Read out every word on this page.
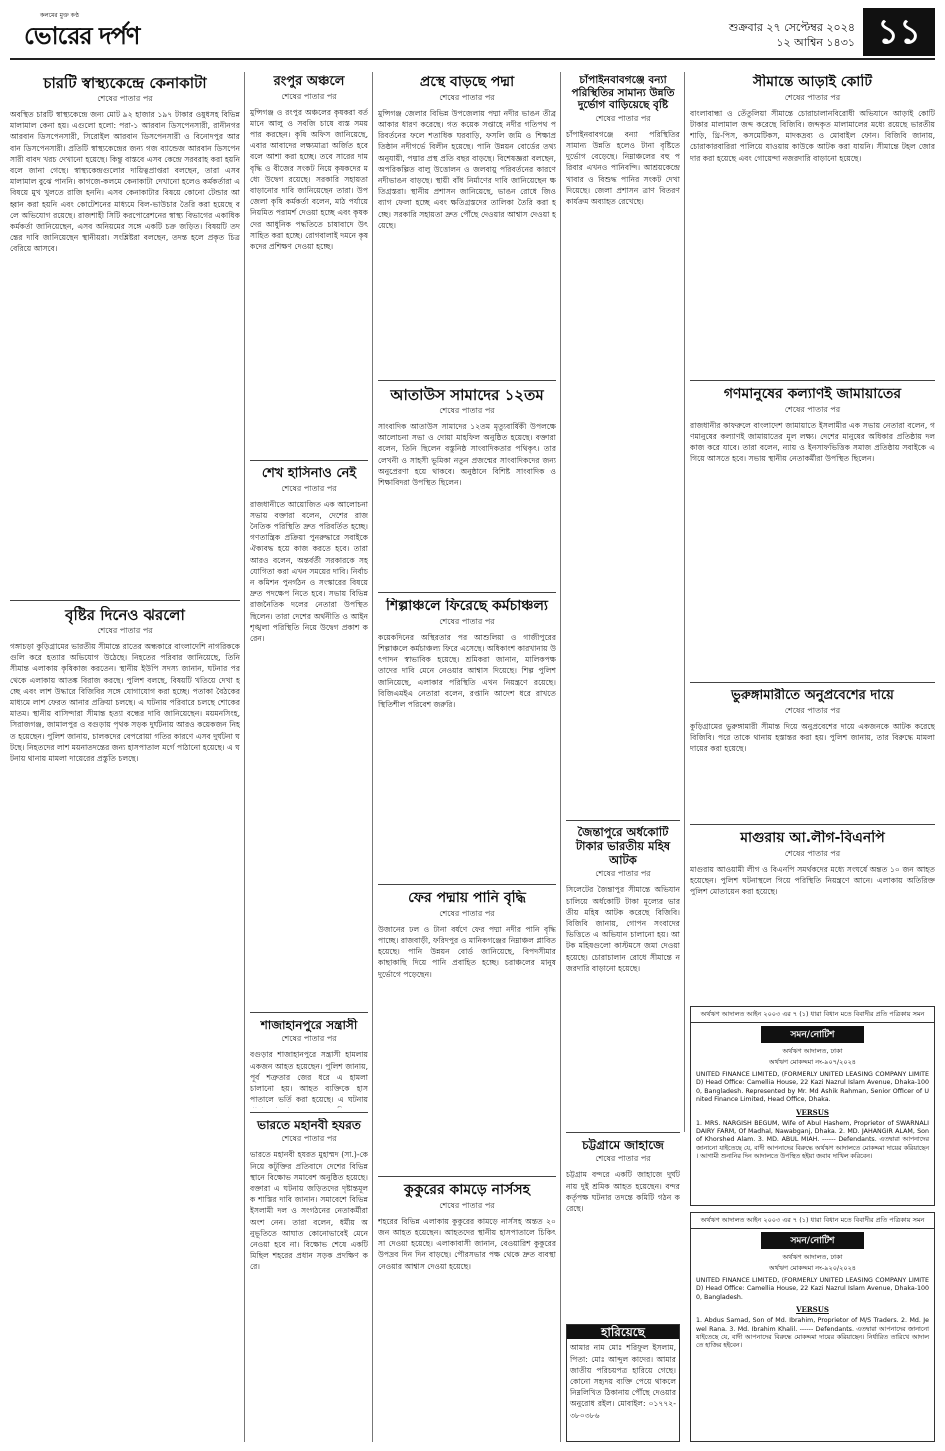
কলমের মুক্ত কণ্ঠ
ভোরের দর্পণ	শুক্রবার ২৭ সেপ্টেম্বর ২০২৪
১২ আশ্বিন ১৪৩১ ১১
চারটি স্বাস্থ্যকেন্দ্রে কেনাকাটা
শেষের পাতার পর
অবস্থিত চারটি স্বাস্থ্যকেন্দ্রে জন্য মোট ৯২ হাজার ১৯৭ টাকার ওষুধসহ বিভিন্ন মালামাল কেনা হয়। এগুলো হলো: পরা-১ আরবান ডিসপেনসারী, রানীনগর আরবান ডিসপেনসারী, সিরোইল আরবান ডিসপেনসারী ও বিনোদপুর আরবান ডিসপেনসারী। প্রতিটি স্বাস্থ্যকেন্দ্রের জন্য গজ ব্যান্ডেজ আরবান ডিসপেনসারী বাবদ খরচ দেখানো হয়েছে। কিন্তু বাস্তবে এসব কেন্দ্রে সরবরাহ করা হয়নি বলে জানা গেছে। স্বাস্থ্যকেন্দ্রগুলোর দায়িত্বপ্রাপ্তরা বলছেন, তারা এসব মালামাল বুঝে পাননি। কাগজে-কলমে কেনাকাটা দেখানো হলেও কর্মকর্তারা এ বিষয়ে মুখ খুলতে রাজি হননি। এসব কেনাকাটার বিষয়ে কোনো টেন্ডার আহ্বান করা হয়নি এবং কোটেশনের মাধ্যমে বিল-ভাউচার তৈরি করা হয়েছে বলে অভিযোগ রয়েছে। রাজশাহী সিটি করপোরেশনের স্বাস্থ্য বিভাগের একাধিক কর্মকর্তা জানিয়েছেন, এসব অনিয়মের সঙ্গে একটি চক্র জড়িত। বিষয়টি তদন্তের দাবি জানিয়েছেন স্থানীয়রা। সংশ্লিষ্টরা বলছেন, তদন্ত হলে প্রকৃত চিত্র বেরিয়ে আসবে।
বৃষ্টির দিনেও ঝরলো
শেষের পাতার পর
গঙ্গাচড়া কুড়িগ্রামের ভারতীয় সীমান্তে রাতের অন্ধকারে বাংলাদেশি নাগরিককে গুলি করে হত্যার অভিযোগ উঠেছে। নিহতের পরিবার জানিয়েছে, তিনি সীমান্ত এলাকায় কৃষিকাজ করতেন। স্থানীয় ইউপি সদস্য জানান, ঘটনার পর থেকে এলাকায় আতঙ্ক বিরাজ করছে। পুলিশ বলছে, বিষয়টি খতিয়ে দেখা হচ্ছে এবং লাশ উদ্ধারে বিজিবির সঙ্গে যোগাযোগ করা হচ্ছে। পতাকা বৈঠকের মাধ্যমে লাশ ফেরত আনার প্রক্রিয়া চলছে। এ ঘটনায় পরিবারে চলছে শোকের মাতম। স্থানীয় বাসিন্দারা সীমান্ত হত্যা বন্ধের দাবি জানিয়েছেন। ময়মনসিংহ, সিরাজগঞ্জ, জামালপুর ও বগুড়ায় পৃথক সড়ক দুর্ঘটনায় আরও কয়েকজন নিহত হয়েছেন। পুলিশ জানায়, চালকদের বেপরোয়া গতির কারণে এসব দুর্ঘটনা ঘটছে। নিহতদের লাশ ময়নাতদন্তের জন্য হাসপাতাল মর্গে পাঠানো হয়েছে। এ ঘটনায় থানায় মামলা দায়েরের প্রস্তুতি চলছে।
রংপুর অঞ্চলে
শেষের পাতার পর
মুন্সিগঞ্জ ও রংপুর অঞ্চলের কৃষকরা বর্তমানে আলু ও সবজি চাষে ব্যস্ত সময় পার করছেন। কৃষি অফিস জানিয়েছে, এবার আবাদের লক্ষ্যমাত্রা অর্জিত হবে বলে আশা করা হচ্ছে। তবে সারের দাম বৃদ্ধি ও বীজের সংকট নিয়ে কৃষকদের মধ্যে উদ্বেগ রয়েছে। সরকারি সহায়তা বাড়ানোর দাবি জানিয়েছেন তারা। উপজেলা কৃষি কর্মকর্তা বলেন, মাঠ পর্যায়ে নিয়মিত পরামর্শ দেওয়া হচ্ছে এবং কৃষকদের আধুনিক পদ্ধতিতে চাষাবাদে উৎসাহিত করা হচ্ছে। রোগবালাই দমনে কৃষকদের প্রশিক্ষণ দেওয়া হচ্ছে।
শেখ হাসিনাও নেই
শেষের পাতার পর
রাজধানীতে আয়োজিত এক আলোচনা সভায় বক্তারা বলেন, দেশের রাজনৈতিক পরিস্থিতি দ্রুত পরিবর্তিত হচ্ছে। গণতান্ত্রিক প্রক্রিয়া পুনরুদ্ধারে সবাইকে ঐক্যবদ্ধ হয়ে কাজ করতে হবে। তারা আরও বলেন, অন্তর্বর্তী সরকারকে সহযোগিতা করা এখন সময়ের দাবি। নির্বাচন কমিশন পুনর্গঠন ও সংস্কারের বিষয়ে দ্রুত পদক্ষেপ নিতে হবে। সভায় বিভিন্ন রাজনৈতিক দলের নেতারা উপস্থিত ছিলেন। তারা দেশের অর্থনীতি ও আইনশৃঙ্খলা পরিস্থিতি নিয়ে উদ্বেগ প্রকাশ করেন।
শাজাহানপুরে সন্ত্রাসী
শেষের পাতার পর
বগুড়ার শাজাহানপুরে সন্ত্রাসী হামলায় একজন আহত হয়েছেন। পুলিশ জানায়, পূর্ব শত্রুতার জের ধরে এ হামলা চালানো হয়। আহত ব্যক্তিকে হাসপাতালে ভর্তি করা হয়েছে। এ ঘটনায়
ভারতে মহানবী হযরত
শেষের পাতার পর
ভারতে মহানবী হযরত মুহাম্মদ (সা.)-কে নিয়ে কটূক্তির প্রতিবাদে দেশের বিভিন্ন স্থানে বিক্ষোভ সমাবেশ অনুষ্ঠিত হয়েছে। বক্তারা এ ঘটনায় জড়িতদের দৃষ্টান্তমূলক শাস্তির দাবি জানান। সমাবেশে বিভিন্ন ইসলামী দল ও সংগঠনের নেতাকর্মীরা অংশ নেন। তারা বলেন, ধর্মীয় অনুভূতিতে আঘাত কোনোভাবেই মেনে নেওয়া হবে না। বিক্ষোভ শেষে একটি মিছিল শহরের প্রধান সড়ক প্রদক্ষিণ করে।
প্রস্থে বাড়ছে পদ্মা
শেষের পাতার পর
মুন্সিগঞ্জ জেলার বিভিন্ন উপজেলায় পদ্মা নদীর ভাঙন তীব্র আকার ধারণ করেছে। গত কয়েক সপ্তাহে নদীর গতিপথ পরিবর্তনের ফলে শতাধিক ঘরবাড়ি, ফসলি জমি ও শিক্ষাপ্রতিষ্ঠান নদীগর্ভে বিলীন হয়েছে। পানি উন্নয়ন বোর্ডের তথ্য অনুযায়ী, পদ্মার প্রস্থ প্রতি বছর বাড়ছে। বিশেষজ্ঞরা বলছেন, অপরিকল্পিত বালু উত্তোলন ও জলবায়ু পরিবর্তনের কারণে নদীভাঙন বাড়ছে। স্থায়ী বাঁধ নির্মাণের দাবি জানিয়েছেন ক্ষতিগ্রস্তরা। স্থানীয় প্রশাসন জানিয়েছে, ভাঙন রোধে জিও ব্যাগ ফেলা হচ্ছে এবং ক্ষতিগ্রস্তদের তালিকা তৈরি করা হচ্ছে। সরকারি সহায়তা দ্রুত পৌঁছে দেওয়ার আশ্বাস দেওয়া হয়েছে।
আতাউস সামাদের ১২তম
শেষের পাতার পর
সাংবাদিক আতাউস সামাদের ১২তম মৃত্যুবার্ষিকী উপলক্ষে আলোচনা সভা ও দোয়া মাহফিল অনুষ্ঠিত হয়েছে। বক্তারা বলেন, তিনি ছিলেন বস্তুনিষ্ঠ সাংবাদিকতার পথিকৃৎ। তার লেখনী ও সাহসী ভূমিকা নতুন প্রজন্মের সাংবাদিকদের জন্য অনুপ্রেরণা হয়ে থাকবে। অনুষ্ঠানে বিশিষ্ট সাংবাদিক ও শিক্ষাবিদরা উপস্থিত ছিলেন।
শিল্পাঞ্চলে ফিরেছে কর্মচাঞ্চল্য
শেষের পাতার পর
কয়েকদিনের অস্থিরতার পর আশুলিয়া ও গাজীপুরের শিল্পাঞ্চলে কর্মচাঞ্চল্য ফিরে এসেছে। অধিকাংশ কারখানায় উৎপাদন স্বাভাবিক হয়েছে। শ্রমিকরা জানান, মালিকপক্ষ তাদের দাবি মেনে নেওয়ার আশ্বাস দিয়েছে। শিল্প পুলিশ জানিয়েছে, এলাকার পরিস্থিতি এখন নিয়ন্ত্রণে রয়েছে। বিজিএমইএ নেতারা বলেন, রপ্তানি আদেশ ধরে রাখতে স্থিতিশীল পরিবেশ জরুরি।
ফের পদ্মায় পানি বৃদ্ধি
শেষের পাতার পর
উজানের ঢল ও টানা বর্ষণে ফের পদ্মা নদীর পানি বৃদ্ধি পাচ্ছে। রাজবাড়ী, ফরিদপুর ও মানিকগঞ্জের নিম্নাঞ্চল প্লাবিত হয়েছে। পানি উন্নয়ন বোর্ড জানিয়েছে, বিপদসীমার কাছাকাছি দিয়ে পানি প্রবাহিত হচ্ছে। চরাঞ্চলের মানুষ দুর্ভোগে পড়েছেন।
কুকুরের কামড়ে নার্সসহ
শেষের পাতার পর
শহরের বিভিন্ন এলাকায় কুকুরের কামড়ে নার্সসহ অন্তত ২০ জন আহত হয়েছেন। আহতদের স্থানীয় হাসপাতালে চিকিৎসা দেওয়া হয়েছে। এলাকাবাসী জানান, বেওয়ারিশ কুকুরের উপদ্রব দিন দিন বাড়ছে। পৌরসভার পক্ষ থেকে দ্রুত ব্যবস্থা নেওয়ার আশ্বাস দেওয়া হয়েছে।
চাঁপাইনবাবগঞ্জে বন্যা পরিস্থিতির সামান্য উন্নতি দুর্ভোগ বাড়িয়েছে বৃষ্টি
শেষের পাতার পর
চাঁপাইনবাবগঞ্জে বন্যা পরিস্থিতির সামান্য উন্নতি হলেও টানা বৃষ্টিতে দুর্ভোগ বেড়েছে। নিম্নাঞ্চলের বহু পরিবার এখনও পানিবন্দি। আশ্রয়কেন্দ্রে খাবার ও বিশুদ্ধ পানির সংকট দেখা দিয়েছে। জেলা প্রশাসন ত্রাণ বিতরণ কার্যক্রম অব্যাহত রেখেছে।
জৈন্তাপুরে অর্ধকোটি টাকার ভারতীয় মহিষ আটক
শেষের পাতার পর
সিলেটের জৈন্তাপুর সীমান্তে অভিযান চালিয়ে অর্ধকোটি টাকা মূল্যের ভারতীয় মহিষ আটক করেছে বিজিবি। বিজিবি জানায়, গোপন সংবাদের ভিত্তিতে এ অভিযান চালানো হয়। আটক মহিষগুলো কাস্টমসে জমা দেওয়া হয়েছে। চোরাচালান রোধে সীমান্তে নজরদারি বাড়ানো হয়েছে।
চট্টগ্রামে জাহাজে
শেষের পাতার পর
চট্টগ্রাম বন্দরে একটি জাহাজে দুর্ঘটনায় দুই শ্রমিক আহত হয়েছেন। বন্দর কর্তৃপক্ষ ঘটনার তদন্তে কমিটি গঠন করেছে।
হারিয়েছে
আমার নাম মোঃ শরিফুল ইসলাম, পিতা: মোঃ আব্দুল কাদের। আমার জাতীয় পরিচয়পত্র হারিয়ে গেছে। কোনো সহৃদয় ব্যক্তি পেয়ে থাকলে নিম্নলিখিত ঠিকানায় পৌঁছে দেওয়ার অনুরোধ রইল। মোবাইল: ০১৭৭২-৩৮০৩৮৬
সীমান্তে আড়াই কোটি
শেষের পাতার পর
বাংলাবান্ধা ও তেঁতুলিয়া সীমান্তে চোরাচালানবিরোধী অভিযানে আড়াই কোটি টাকার মালামাল জব্দ করেছে বিজিবি। জব্দকৃত মালামালের মধ্যে রয়েছে ভারতীয় শাড়ি, থ্রি-পিস, কসমেটিকস, মাদকদ্রব্য ও মোবাইল ফোন। বিজিবি জানায়, চোরাকারবারিরা পালিয়ে যাওয়ায় কাউকে আটক করা যায়নি। সীমান্তে টহল জোরদার করা হয়েছে এবং গোয়েন্দা নজরদারি বাড়ানো হয়েছে।
গণমানুষের কল্যাণই জামায়াতের
শেষের পাতার পর
রাজধানীর কাফরুলে বাংলাদেশ জামায়াতে ইসলামীর এক সভায় নেতারা বলেন, গণমানুষের কল্যাণই জামায়াতের মূল লক্ষ্য। দেশের মানুষের অধিকার প্রতিষ্ঠায় দল কাজ করে যাবে। তারা বলেন, ন্যায় ও ইনসাফভিত্তিক সমাজ প্রতিষ্ঠায় সবাইকে এগিয়ে আসতে হবে। সভায় স্থানীয় নেতাকর্মীরা উপস্থিত ছিলেন।
ভুরুঙ্গামারীতে অনুপ্রবেশের দায়ে
শেষের পাতার পর
কুড়িগ্রামের ভুরুঙ্গামারী সীমান্ত দিয়ে অনুপ্রবেশের দায়ে একজনকে আটক করেছে বিজিবি। পরে তাকে থানায় হস্তান্তর করা হয়। পুলিশ জানায়, তার বিরুদ্ধে মামলা দায়ের করা হয়েছে।
মাগুরায় আ.লীগ-বিএনপি
শেষের পাতার পর
মাগুরায় আওয়ামী লীগ ও বিএনপি সমর্থকদের মধ্যে সংঘর্ষে অন্তত ১০ জন আহত হয়েছেন। পুলিশ ঘটনাস্থলে গিয়ে পরিস্থিতি নিয়ন্ত্রণে আনে। এলাকায় অতিরিক্ত পুলিশ মোতায়েন করা হয়েছে।
অর্থঋণ আদালত আইন ২০০৩ এর ৭ (১) ধারা বিধান মতে বিবাদীর প্রতি পত্রিকায় সমন
সমন/নোটিশ
অর্থঋণ আদালত, ঢাকা
অর্থঋণ মোকদ্দমা নং-৯০৭/২০২৪
UNITED FINANCE LIMITED, (FORMERLY UNITED LEASING COMPANY LIMITED) Head Office: Camellia House, 22 Kazi Nazrul Islam Avenue, Dhaka-1000, Bangladesh. Represented by Mr. Md Ashik Rahman, Senior Officer of United Finance Limited, Head Office, Dhaka.
VERSUS
1. MRS. NARGISH BEGUM, Wife of Abul Hashem, Proprietor of SWARNALI DAIRY FARM, Of Madhal, Nawabganj, Dhaka. 2. MD. JAHANGIR ALAM, Son of Khorshed Alam. 3. MD. ABUL MIAH. ------ Defendants. এতদ্বারা আপনাদের জানানো যাইতেছে যে, বাদী আপনাদের বিরুদ্ধে অর্থঋণ আদালতে মোকদ্দমা দায়ের করিয়াছেন। আগামী শুনানির দিন আদালতে উপস্থিত হইয়া জবাব দাখিল করিবেন।
অর্থঋণ আদালত আইন ২০০৩ এর ৭ (১) ধারা বিধান মতে বিবাদীর প্রতি পত্রিকায় সমন
সমন/নোটিশ
অর্থঋণ আদালত, ঢাকা
অর্থঋণ মোকদ্দমা নং-৯২০/২০২৪
UNITED FINANCE LIMITED, (FORMERLY UNITED LEASING COMPANY LIMITED) Head Office: Camellia House, 22 Kazi Nazrul Islam Avenue, Dhaka-1000, Bangladesh.
VERSUS
1. Abdus Samad, Son of Md. Ibrahim, Proprietor of M/S Traders. 2. Md. Jewel Rana. 3. Md. Ibrahim Khalil. ------ Defendants. এতদ্বারা আপনাদের জানানো যাইতেছে যে, বাদী আপনাদের বিরুদ্ধে মোকদ্দমা দায়ের করিয়াছেন। নির্ধারিত তারিখে আদালতে হাজির হইবেন।
